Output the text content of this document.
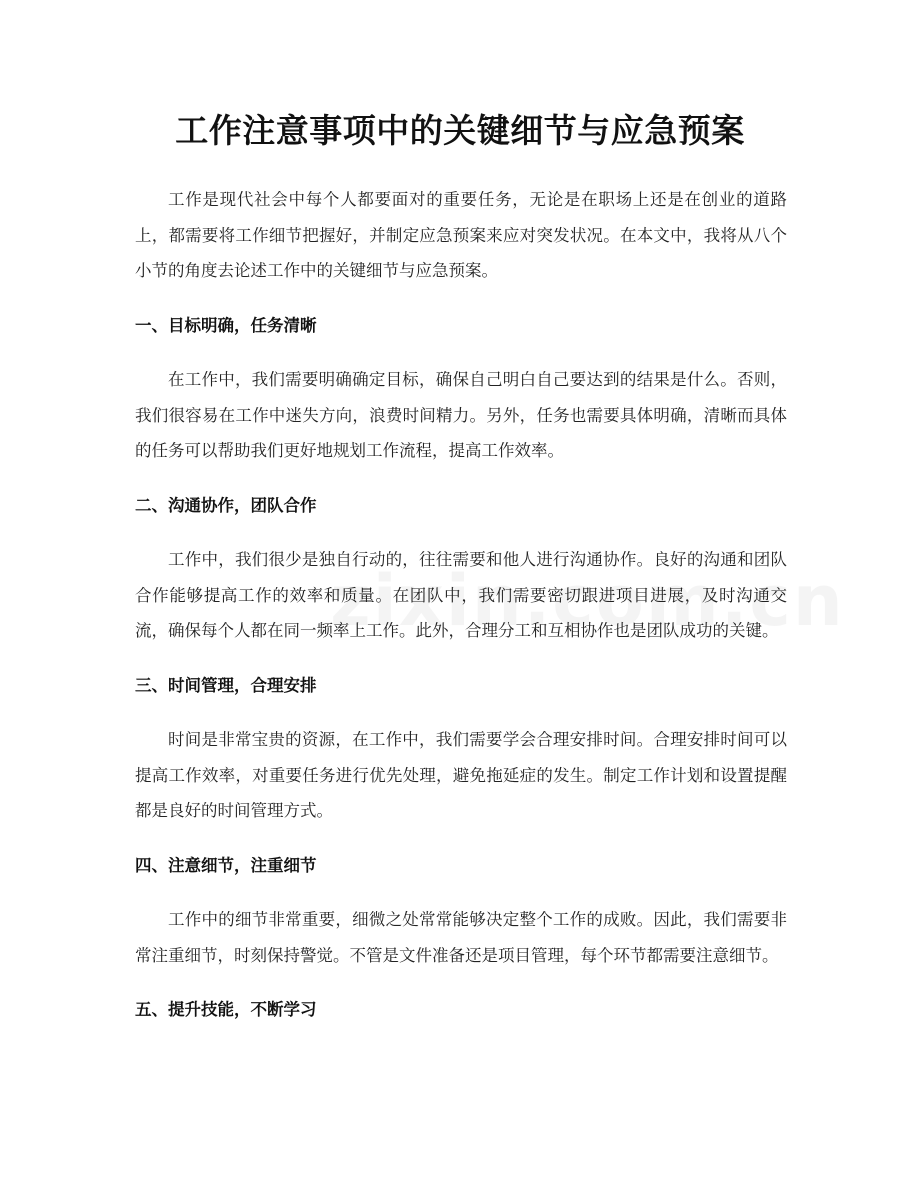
工作注意事项中的关键细节与应急预案

工作是现代社会中每个人都要面对的重要任务，无论是在职场上还是在创业的道路上，都需要将工作细节把握好，并制定应急预案来应对突发状况。在本文中，我将从八个小节的角度去论述工作中的关键细节与应急预案。

一、目标明确，任务清晰

在工作中，我们需要明确确定目标，确保自己明白自己要达到的结果是什么。否则，我们很容易在工作中迷失方向，浪费时间精力。另外，任务也需要具体明确，清晰而具体的任务可以帮助我们更好地规划工作流程，提高工作效率。

二、沟通协作，团队合作

工作中，我们很少是独自行动的，往往需要和他人进行沟通协作。良好的沟通和团队合作能够提高工作的效率和质量。在团队中，我们需要密切跟进项目进展，及时沟通交流，确保每个人都在同一频率上工作。此外，合理分工和互相协作也是团队成功的关键。

三、时间管理，合理安排

时间是非常宝贵的资源，在工作中，我们需要学会合理安排时间。合理安排时间可以提高工作效率，对重要任务进行优先处理，避免拖延症的发生。制定工作计划和设置提醒都是良好的时间管理方式。

四、注意细节，注重细节

工作中的细节非常重要，细微之处常常能够决定整个工作的成败。因此，我们需要非常注重细节，时刻保持警觉。不管是文件准备还是项目管理，每个环节都需要注意细节。

五、提升技能，不断学习
